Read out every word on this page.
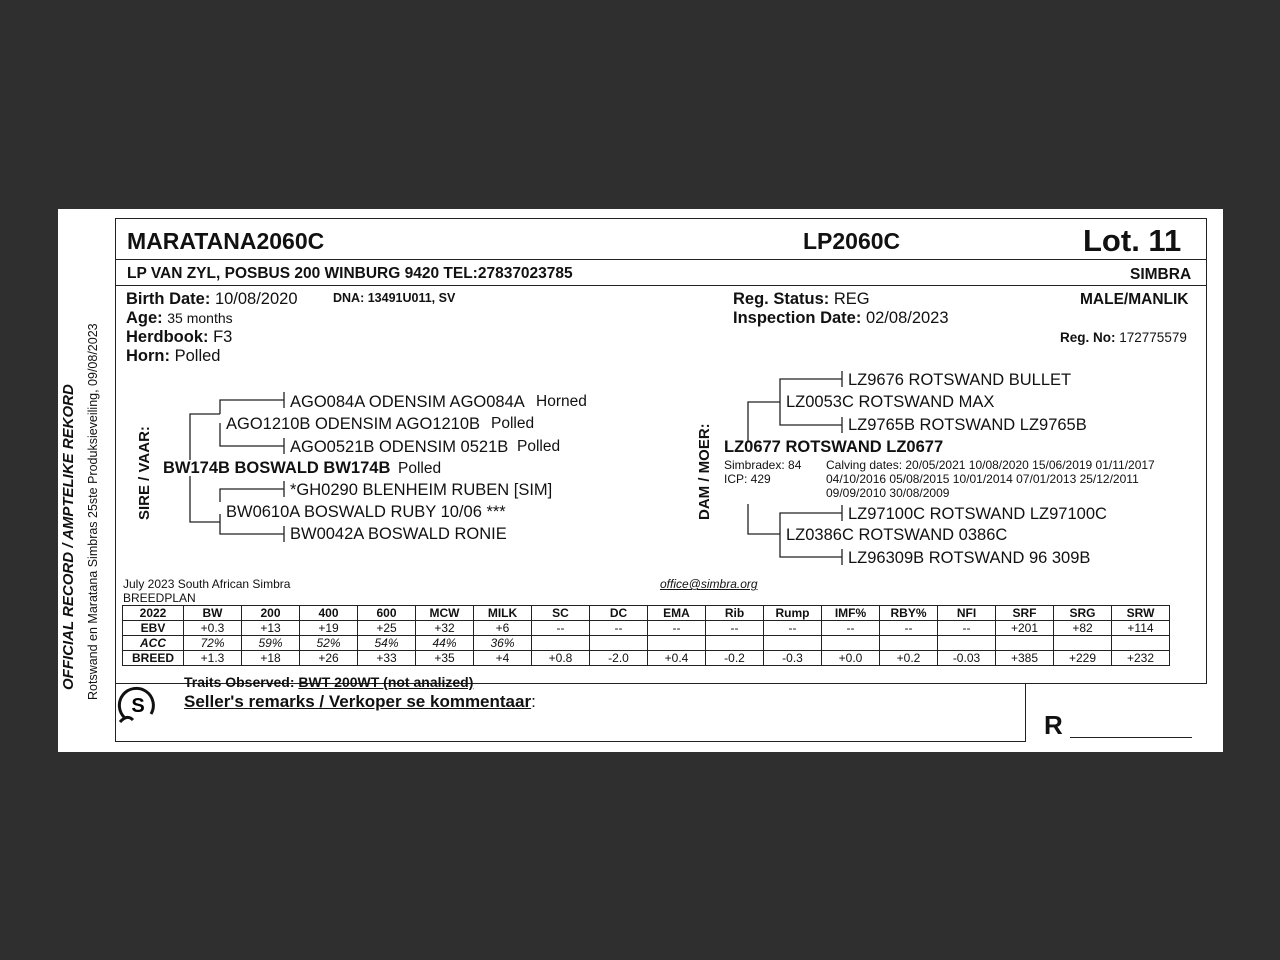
OFFICIAL RECORD / AMPTELIKE REKORD Rotswand en Maratana Simbras 25ste Produksieveiling, 09/08/2023
MARATANA2060C	LP2060C	Lot. 11
LP VAN ZYL, POSBUS 200 WINBURG 9420 TEL:27837023785	SIMBRA
Birth Date: 10/08/2020	DNA: 13491U011, SV
Age: 35 months
Herdbook: F3
Horn: Polled
Reg. Status: REG
Inspection Date: 02/08/2023
MALE/MANLIK
Reg. No: 172775579
SIRE / VAAR:
AGO084A ODENSIM AGO084A Horned
AGO1210B ODENSIM AGO1210B Polled
AGO0521B ODENSIM 0521B Polled
BW174B BOSWALD BW174B Polled
*GH0290 BLENHEIM RUBEN [SIM]
BW0610A BOSWALD RUBY 10/06 ***
BW0042A BOSWALD RONIE
DAM / MOER:
LZ9676 ROTSWAND BULLET
LZ0053C ROTSWAND MAX
LZ9765B ROTSWAND LZ9765B
LZ0677 ROTSWAND LZ0677
Simbradex: 84
ICP: 429
Calving dates: 20/05/2021 10/08/2020 15/06/2019 01/11/2017
04/10/2016 05/08/2015 10/01/2014 07/01/2013 25/12/2011
09/09/2010 30/08/2009
LZ97100C ROTSWAND LZ97100C
LZ0386C ROTSWAND 0386C
LZ96309B ROTSWAND 96 309B
July 2023 South African Simbra
BREEDPLAN
office@simbra.org
2022	BW	200	400	600	MCW	MILK	SC	DC	EMA	Rib	Rump	IMF%	RBY%	NFI	SRF	SRG	SRW
EBV	+0.3	+13	+19	+25	+32	+6	--	--	--	--	--	--	--	--	+201	+82	+114
ACC	72%	59%	52%	54%	44%	36%											
BREED	+1.3	+18	+26	+33	+35	+4	+0.8	-2.0	+0.4	-0.2	-0.3	+0.0	+0.2	-0.03	+385	+229	+232
S
Traits Observed: BWT 200WT (not analized)
Seller's remarks / Verkoper se kommentaar:
R
